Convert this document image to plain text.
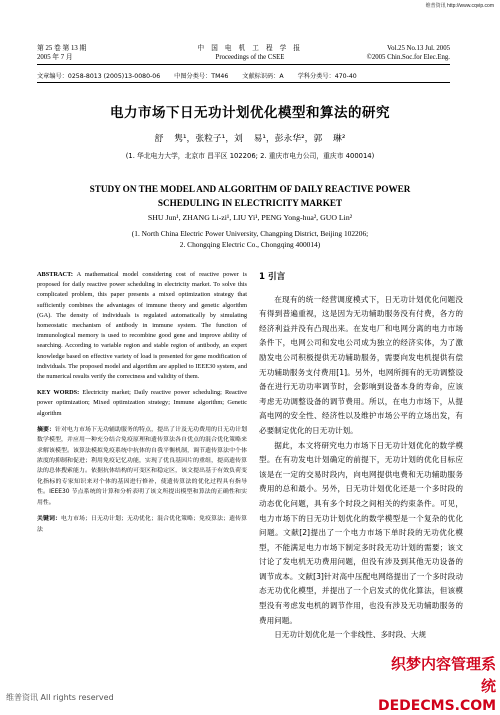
维普资讯 http://www.cqvip.com
第 25 卷 第 13 期
2005 年 7 月
中 国 电 机 工 程 学 报
Proceedings of the CSEE
Vol.25 No.13 Jul. 2005
©2005 Chin.Soc.for Elec.Eng.
文章编号：0258-8013 (2005)13-0080-06 中图分类号：TM46 文献标识码：A 学科分类号：470-40
电力市场下日无功计划优化模型和算法的研究
舒 隽¹，张粒子¹，刘 易¹，彭永华²，郭 琳²
(1. 华北电力大学，北京市 昌平区 102206; 2. 重庆市电力公司，重庆市 400014)
STUDY ON THE MODEL AND ALGORITHM OF DAILY REACTIVE POWER
SCHEDULING IN ELECTRICITY MARKET
SHU Jun¹, ZHANG Li-zi¹, LIU Yi¹, PENG Yong-hua², GUO Lin²
(1. North China Electric Power University, Changping District, Beijing 102206;
2. Chongqing Electric Co., Chongqing 400014)

ABSTRACT: A mathematical model considering cost of reactive power is proposed for daily reactive power scheduling in electricity market. To solve this complicated problem, this paper presents a mixed optimization strategy that sufficiently combines the advantages of immune theory and genetic algorithm (GA). The density of individuals is regulated automatically by simulating homeostatic mechanism of antibody in immune system. The function of immunological memory is used to recombine good gene and improve ability of searching. According to variable region and stable region of antibody, an expert knowledge based on effective variety of load is presented for gene modification of individuals. The proposed model and algorithm are applied to IEEE30 system, and the numerical results verify the correctness and validity of them.

KEY WORDS: Electricity market; Daily reactive power scheduling; Reactive power optimization; Mixed optimization strategy; Immune algorithm; Genetic algorithm

摘要：针对电力市场下无功辅助服务的特点，提出了计及无功费用的日无功计划数学模型，并应用一种充分结合免疫原理和遗传算法各自优点的混合优化策略来求解该模型。该算法模拟免疫系统中抗体的自我平衡机制，调节遗传算法中个体浓度的抑制和促进；利用免疫记忆功能，实现了优良基因片的重组，提高遗传算法的总体搜索能力。依据抗体结构的可变区和稳定区，该文提出基于有效负荷变化指标的专家知识来对个体的基因进行修补，使遗传算法的优化过程具有指导性。IEEE30 节点系统的计算和分析表明了该文所提出模型和算法的正确性和实用性。

关键词：电力市场；日无功计划；无功优化；混合优化策略；免疫算法；遗传算法

1 引言

在现有的统一经营调度模式下，日无功计划优化问题没有得到普遍重视，这是因为无功辅助服务没有付费，各方的经济利益并没有凸现出来。在发电厂和电网分离的电力市场条件下，电网公司和发电公司成为独立的经济实体，为了激励发电公司积极提供无功辅助服务，需要向发电机提供有偿无功辅助服务支付费用[1]。另外，电网所拥有的无功调整设备在进行无功功率调节时，会影响到设备本身的寿命，应该考虑无功调整设备的调节费用。所以，在电力市场下，从提高电网的安全性、经济性以及维护市场公平的立场出发，有必要制定优化的日无功计划。

据此，本文将研究电力市场下日无功计划优化的数学模型。在有功发电计划确定的前提下，无功计划的优化目标应该是在一定的交易时段内，向电网提供电费和无功辅助服务费用的总和最小。另外，日无功计划优化还是一个多时段的动态优化问题，具有多个时段之间相关的约束条件。可见，电力市场下的日无功计划优化的数学模型是一个复杂的优化问题。文献[2]提出了一个电力市场下单时段的无功优化模型，不能满足电力市场下制定多时段无功计划的需要；该文讨论了发电机无功费用问题，但没有涉及到其他无功设备的调节成本。文献[3]针对高中压配电网络提出了一个多时段动态无功优化模型，并提出了一个启发式的优化算法，但该模型没有考虑发电机的调节作用，也没有涉及无功辅助服务的费用问题。

日无功计划优化是一个非线性、多时段、大规

维普资讯 All rights reserved
织梦内容管理系统
DEDECMS.COM
